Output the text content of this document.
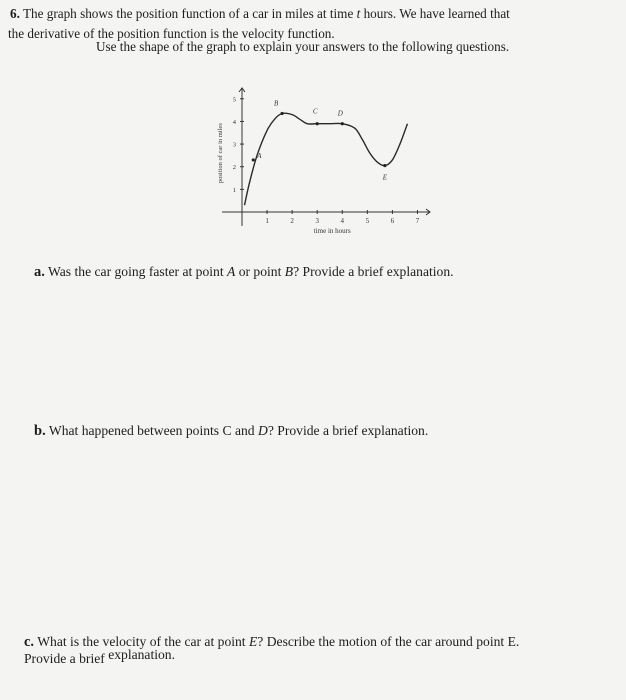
6. The graph shows the position function of a car in miles at time t hours. We have learned that
the derivative of the position function is the velocity function.
Use the shape of the graph to explain your answers to the following questions.
1	2	3	4	5	6	7
1
2
3
4
5
A
B
C	D
E
time in hours
position of car in miles
a. Was the car going faster at point A or point B? Provide a brief explanation.
b. What happened between points C and D? Provide a brief explanation.
c. What is the velocity of the car at point E? Describe the motion of the car around point E.
Provide a brief explanation.
